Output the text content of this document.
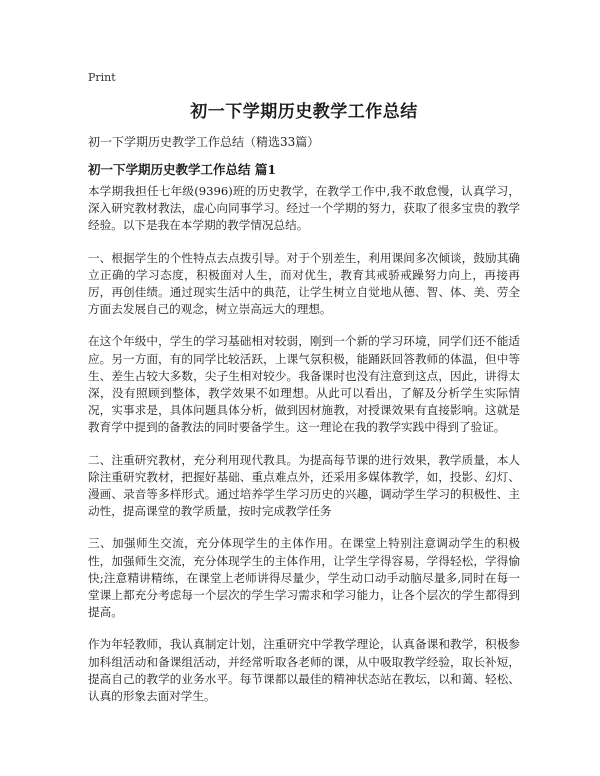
Print
初一下学期历史教学工作总结

初一下学期历史教学工作总结（精选33篇）

初一下学期历史教学工作总结 篇1

本学期我担任七年级(9396)班的历史教学，在教学工作中,我不敢怠慢，认真学习，深入研究教材教法，虚心向同事学习。经过一个学期的努力，获取了很多宝贵的教学经验。以下是我在本学期的教学情况总结。

一、根据学生的个性特点去点拨引导。对于个别差生，利用课间多次倾谈，鼓励其确立正确的学习态度，积极面对人生，而对优生，教育其戒骄戒躁努力向上，再接再厉，再创佳绩。通过现实生活中的典范，让学生树立自觉地从德、智、体、美、劳全方面去发展自己的观念，树立崇高远大的理想。

在这个年级中，学生的学习基础相对较弱，刚到一个新的学习环境，同学们还不能适应。另一方面，有的同学比较活跃，上课气氛积极，能踊跃回答教师的体温，但中等生、差生占较大多数，尖子生相对较少。我备课时也没有注意到这点，因此，讲得太深，没有照顾到整体，教学效果不如理想。从此可以看出，了解及分析学生实际情况，实事求是，具体问题具体分析，做到因材施教，对授课效果有直接影响。这就是教育学中提到的备教法的同时要备学生。这一理论在我的教学实践中得到了验证。

二、注重研究教材，充分利用现代教具。为提高每节课的进行效果，教学质量，本人除注重研究教材，把握好基础、重点难点外，还采用多媒体教学，如，投影、幻灯、漫画、录音等多样形式。通过培养学生学习历史的兴趣，调动学生学习的积极性、主动性，提高课堂的教学质量，按时完成教学任务

三、加强师生交流，充分体现学生的主体作用。在课堂上特别注意调动学生的积极性，加强师生交流，充分体现学生的主体作用，让学生学得容易，学得轻松，学得愉快;注意精讲精练，在课堂上老师讲得尽量少，学生动口动手动脑尽量多,同时在每一堂课上都充分考虑每一个层次的学生学习需求和学习能力，让各个层次的学生都得到提高。

作为年轻教师，我认真制定计划，注重研究中学教学理论，认真备课和教学，积极参加科组活动和备课组活动，并经常听取各老师的课，从中吸取教学经验，取长补短，提高自己的教学的业务水平。每节课都以最佳的精神状态站在教坛，以和蔼、轻松、认真的形象去面对学生。
